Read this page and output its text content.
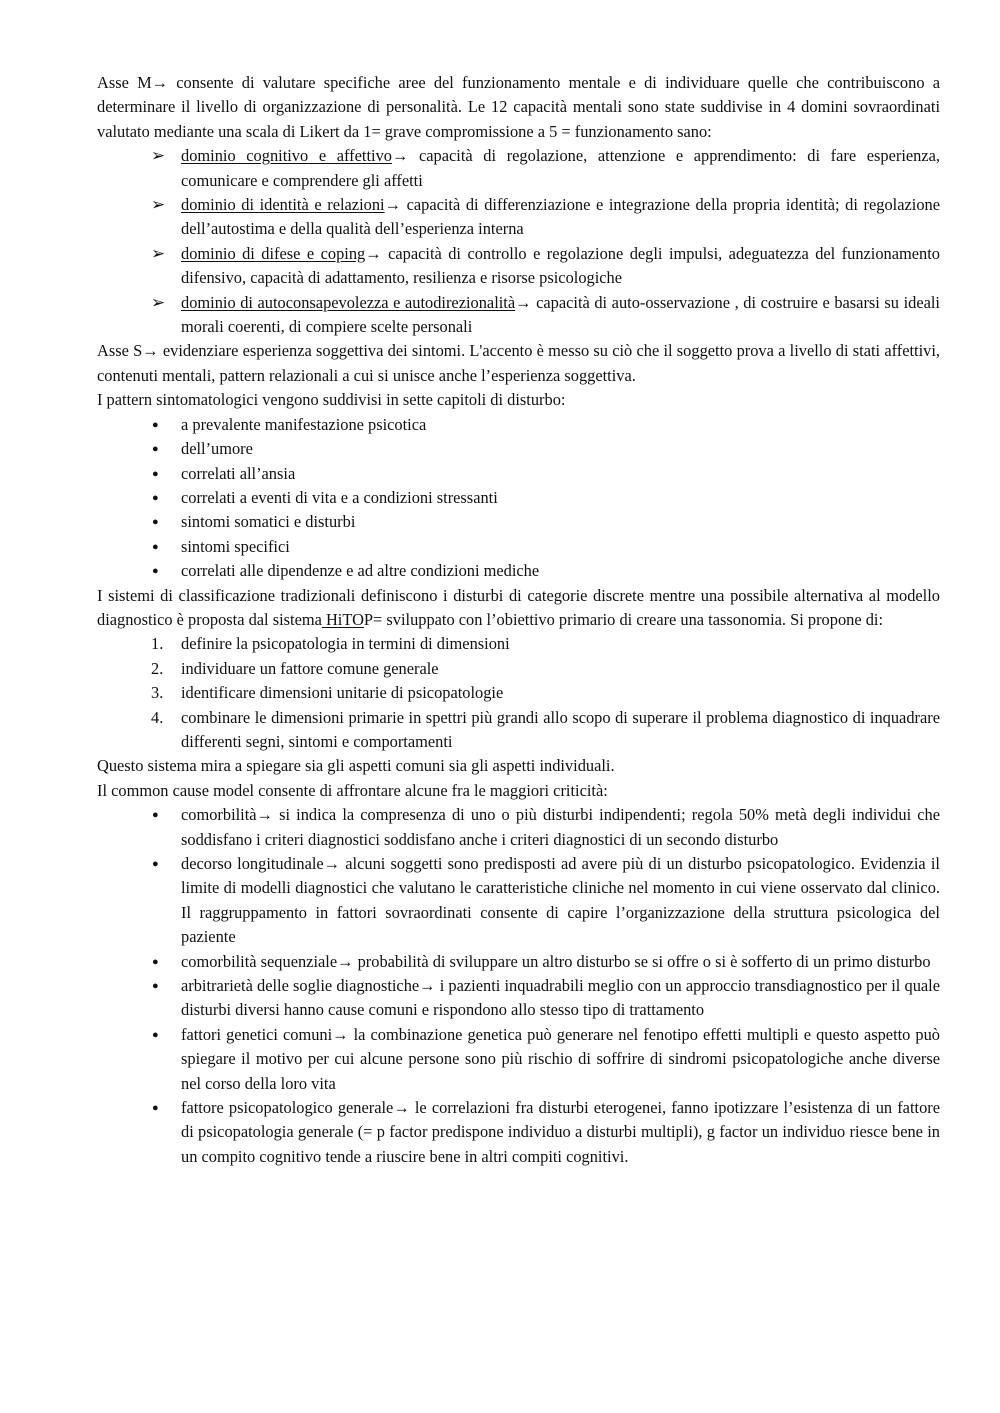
Asse M→ consente di valutare specifiche aree del funzionamento mentale e di individuare quelle che contribuiscono a determinare il livello di organizzazione di personalità. Le 12 capacità mentali sono state suddivise in 4 domini sovraordinati valutato mediante una scala di Likert da 1= grave compromissione a 5 = funzionamento sano:

➢ dominio cognitivo e affettivo→ capacità di regolazione, attenzione e apprendimento: di fare esperienza, comunicare e comprendere gli affetti
➢ dominio di identità e relazioni→ capacità di differenziazione e integrazione della propria identità; di regolazione dell’autostima e della qualità dell’esperienza interna
➢ dominio di difese e coping→ capacità di controllo e regolazione degli impulsi, adeguatezza del funzionamento difensivo, capacità di adattamento, resilienza e risorse psicologiche
➢ dominio di autoconsapevolezza e autodirezionalità→ capacità di auto-osservazione , di costruire e basarsi su ideali morali coerenti, di compiere scelte personali

Asse S→ evidenziare esperienza soggettiva dei sintomi. L'accento è messo su ciò che il soggetto prova a livello di stati affettivi, contenuti mentali, pattern relazionali a cui si unisce anche l’esperienza soggettiva.

I pattern sintomatologici vengono suddivisi in sette capitoli di disturbo:

● a prevalente manifestazione psicotica
● dell’umore
● correlati all’ansia
● correlati a eventi di vita e a condizioni stressanti
● sintomi somatici e disturbi
● sintomi specifici
● correlati alle dipendenze e ad altre condizioni mediche

I sistemi di classificazione tradizionali definiscono i disturbi di categorie discrete mentre una possibile alternativa al modello diagnostico è proposta dal sistema HiTOP= sviluppato con l’obiettivo primario di creare una tassonomia. Si propone di:

1. definire la psicopatologia in termini di dimensioni
2. individuare un fattore comune generale
3. identificare dimensioni unitarie di psicopatologie
4. combinare le dimensioni primarie in spettri più grandi allo scopo di superare il problema diagnostico di inquadrare differenti segni, sintomi e comportamenti

Questo sistema mira a spiegare sia gli aspetti comuni sia gli aspetti individuali.

Il common cause model consente di affrontare alcune fra le maggiori criticità:

● comorbilità→ si indica la compresenza di uno o più disturbi indipendenti; regola 50% metà degli individui che soddisfano i criteri diagnostici soddisfano anche i criteri diagnostici di un secondo disturbo
● decorso longitudinale→ alcuni soggetti sono predisposti ad avere più di un disturbo psicopatologico. Evidenzia il limite di modelli diagnostici che valutano le caratteristiche cliniche nel momento in cui viene osservato dal clinico. Il raggruppamento in fattori sovraordinati consente di capire l’organizzazione della struttura psicologica del paziente
● comorbilità sequenziale→ probabilità di sviluppare un altro disturbo se si offre o si è sofferto di un primo disturbo
● arbitrarietà delle soglie diagnostiche→ i pazienti inquadrabili meglio con un approccio transdiagnostico per il quale disturbi diversi hanno cause comuni e rispondono allo stesso tipo di trattamento
● fattori genetici comuni→ la combinazione genetica può generare nel fenotipo effetti multipli e questo aspetto può spiegare il motivo per cui alcune persone sono più rischio di soffrire di sindromi psicopatologiche anche diverse nel corso della loro vita
● fattore psicopatologico generale→ le correlazioni fra disturbi eterogenei, fanno ipotizzare l’esistenza di un fattore di psicopatologia generale (= p factor predispone individuo a disturbi multipli), g factor un individuo riesce bene in un compito cognitivo tende a riuscire bene in altri compiti cognitivi.
